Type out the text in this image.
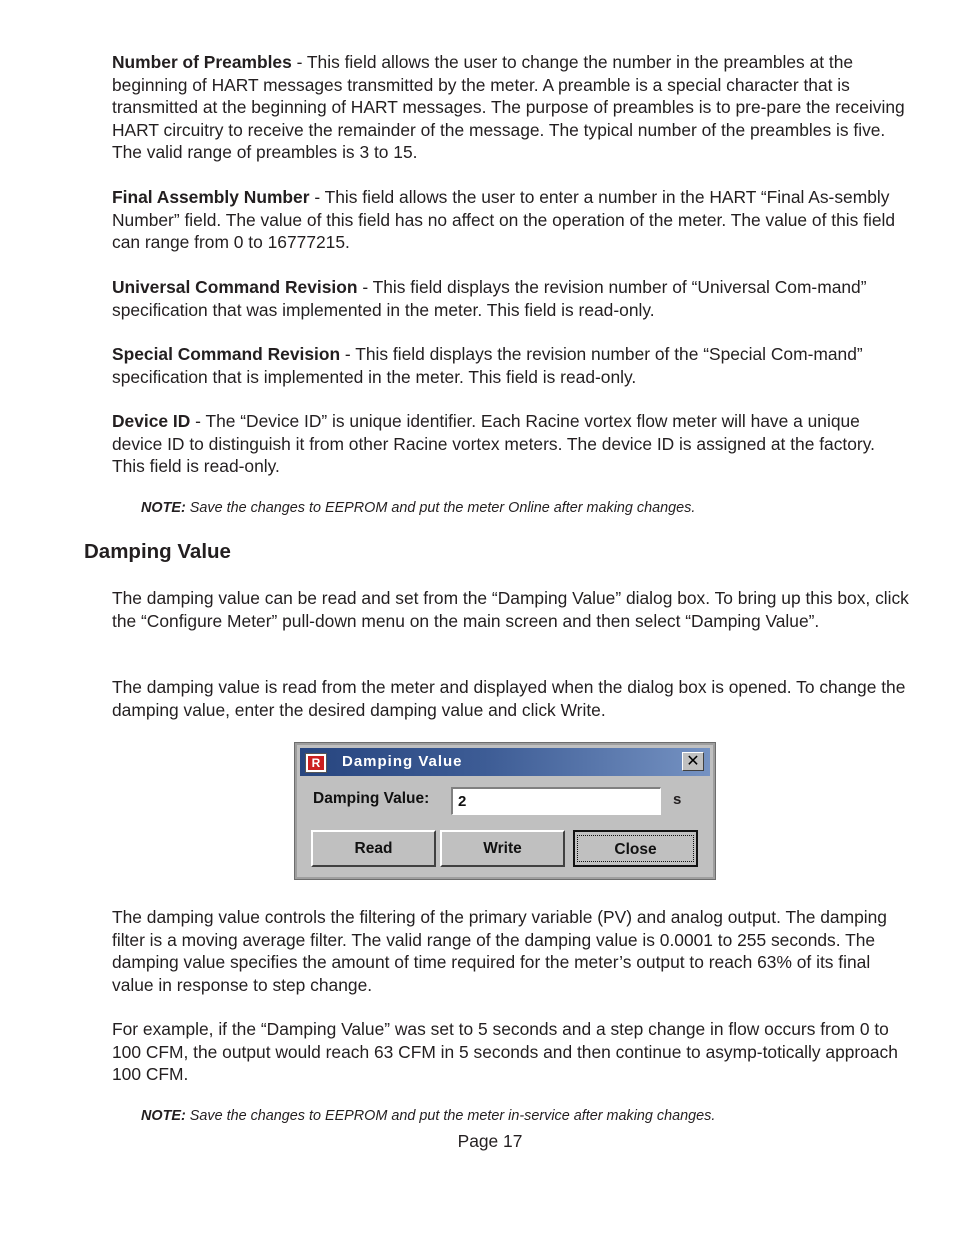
Number of Preambles - This field allows the user to change the number in the preambles at the beginning of HART messages transmitted by the meter. A preamble is a special character that is transmitted at the beginning of HART messages. The purpose of preambles is to pre-pare the receiving HART circuitry to receive the remainder of the message. The typical number of the preambles is five. The valid range of preambles is 3 to 15.

Final Assembly Number - This field allows the user to enter a number in the HART “Final As-sembly Number” field. The value of this field has no affect on the operation of the meter. The value of this field can range from 0 to 16777215.

Universal Command Revision - This field displays the revision number of “Universal Com-mand” specification that was implemented in the meter. This field is read-only.

Special Command Revision - This field displays the revision number of the “Special Com-mand” specification that is implemented in the meter. This field is read-only.

Device ID - The “Device ID” is unique identifier. Each Racine vortex flow meter will have a unique device ID to distinguish it from other Racine vortex meters. The device ID is assigned at the factory. This field is read-only.

NOTE: Save the changes to EEPROM and put the meter Online after making changes.

Damping Value

The damping value can be read and set from the “Damping Value” dialog box. To bring up this box, click the “Configure Meter” pull-down menu on the main screen and then select “Damping Value”.

The damping value is read from the meter and displayed when the dialog box is opened. To change the damping value, enter the desired damping value and click Write.

R Damping Value	✕
Damping Value:
2	s
Read	Write	Close

The damping value controls the filtering of the primary variable (PV) and analog output. The damping filter is a moving average filter. The valid range of the damping value is 0.0001 to 255 seconds. The damping value specifies the amount of time required for the meter’s output to reach 63% of its final value in response to step change.

For example, if the “Damping Value” was set to 5 seconds and a step change in flow occurs from 0 to 100 CFM, the output would reach 63 CFM in 5 seconds and then continue to asymp-totically approach 100 CFM.

NOTE: Save the changes to EEPROM and put the meter in-service after making changes.

Page 17
